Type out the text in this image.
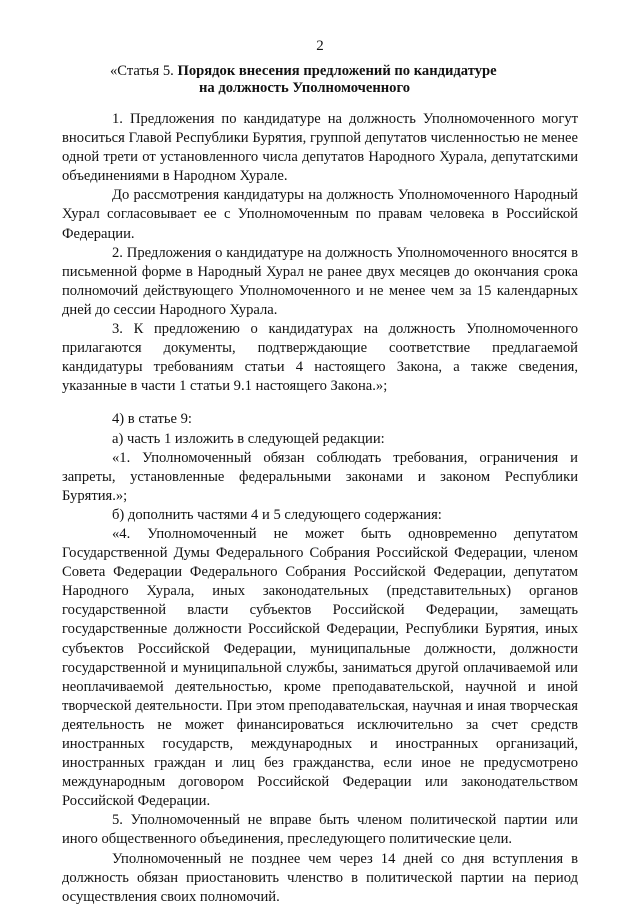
2
«Статья 5. Порядок внесения предложений по кандидатуре
на должность Уполномоченного

1. Предложения по кандидатуре на должность Уполномоченного могут вноситься Главой Республики Бурятия, группой депутатов численностью не менее одной трети от установленного числа депутатов Народного Хурала, депутатскими объединениями в Народном Хурале.

До рассмотрения кандидатуры на должность Уполномоченного Народный Хурал согласовывает ее с Уполномоченным по правам человека в Российской Федерации.

2. Предложения о кандидатуре на должность Уполномоченного вносятся в письменной форме в Народный Хурал не ранее двух месяцев до окончания срока полномочий действующего Уполномоченного и не менее чем за 15 календарных дней до сессии Народного Хурала.

3. К предложению о кандидатурах на должность Уполномоченного прилагаются документы, подтверждающие соответствие предлагаемой кандидатуры требованиям статьи 4 настоящего Закона, а также сведения, указанные в части 1 статьи 9.1 настоящего Закона.»;

4) в статье 9:

а) часть 1 изложить в следующей редакции:

«1. Уполномоченный обязан соблюдать требования, ограничения и запреты, установленные федеральными законами и законом Республики Бурятия.»;

б) дополнить частями 4 и 5 следующего содержания:

«4. Уполномоченный не может быть одновременно депутатом Государственной Думы Федерального Собрания Российской Федерации, членом Совета Федерации Федерального Собрания Российской Федерации, депутатом Народного Хурала, иных законодательных (представительных) органов государственной власти субъектов Российской Федерации, замещать государственные должности Российской Федерации, Республики Бурятия, иных субъектов Российской Федерации, муниципальные должности, должности государственной и муниципальной службы, заниматься другой оплачиваемой или неоплачиваемой деятельностью, кроме преподавательской, научной и иной творческой деятельности. При этом преподавательская, научная и иная творческая деятельность не может финансироваться исключительно за счет средств иностранных государств, международных и иностранных организаций, иностранных граждан и лиц без гражданства, если иное не предусмотрено международным договором Российской Федерации или законодательством Российской Федерации.

5. Уполномоченный не вправе быть членом политической партии или иного общественного объединения, преследующего политические цели.

Уполномоченный не позднее чем через 14 дней со дня вступления в должность обязан приостановить членство в политической партии на период осуществления своих полномочий.
